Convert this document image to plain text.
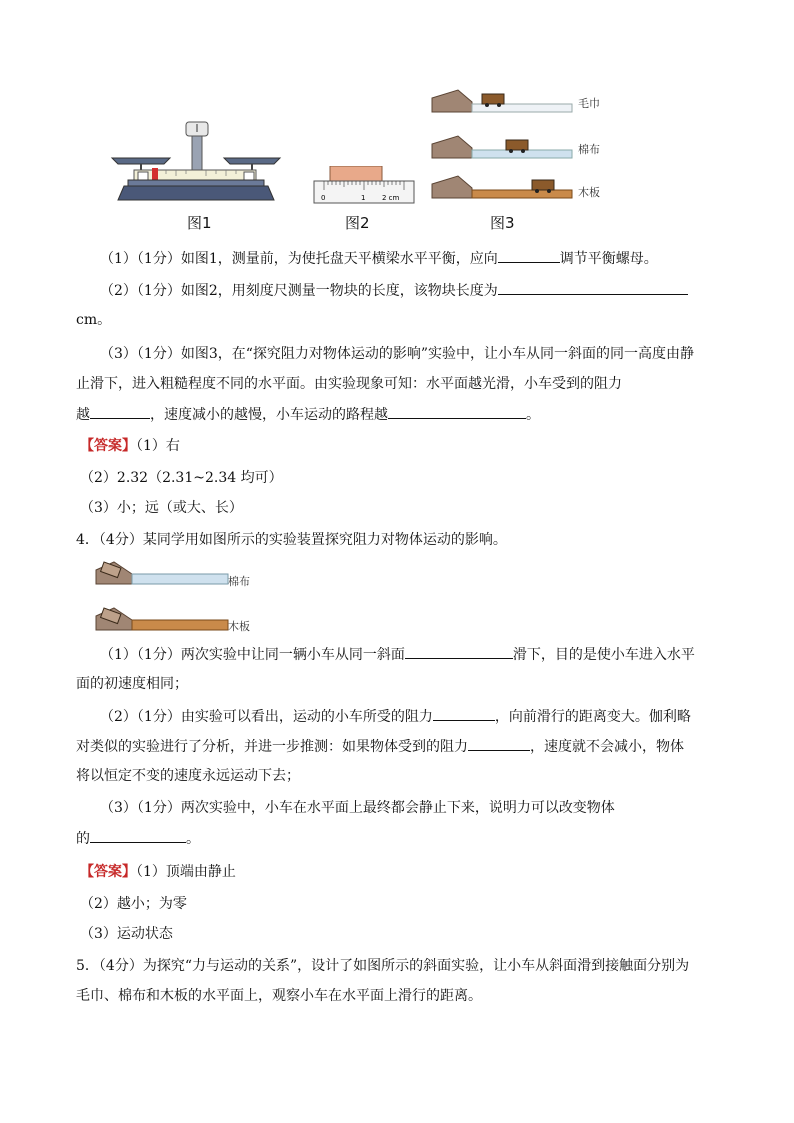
图1
0	1 2 cm
图2
毛巾
棉布
木板
图3
（1）（1分）如图1，测量前，为使托盘天平横梁水平平衡，应向	调节平衡螺母。
（2）（1分）如图2，用刻度尺测量一物块的长度，该物块长度为
cm。
（3）（1分）如图3，在“探究阻力对物体运动的影响”实验中，让小车从同一斜面的同一高度由静
止滑下，进入粗糙程度不同的水平面。由实验现象可知：水平面越光滑，小车受到的阻力
越	，速度减小的越慢，小车运动的路程越	。
【答案】（1）右
（2）2.32（2.31~2.34 均可）
（3）小；远（或大、长）
4．（4分）某同学用如图所示的实验装置探究阻力对物体运动的影响。
棉布
木板
（1）（1分）两次实验中让同一辆小车从同一斜面	滑下，目的是使小车进入水平
面的初速度相同；
（2）（1分）由实验可以看出，运动的小车所受的阻力	，向前滑行的距离变大。伽利略
对类似的实验进行了分析，并进一步推测：如果物体受到的阻力	，速度就不会减小，物体
将以恒定不变的速度永远运动下去；
（3）（1分）两次实验中，小车在水平面上最终都会静止下来，说明力可以改变物体
的	。
【答案】（1）顶端由静止
（2）越小；为零
（3）运动状态
5．（4分）为探究“力与运动的关系”，设计了如图所示的斜面实验，让小车从斜面滑到接触面分别为
毛巾、棉布和木板的水平面上，观察小车在水平面上滑行的距离。
